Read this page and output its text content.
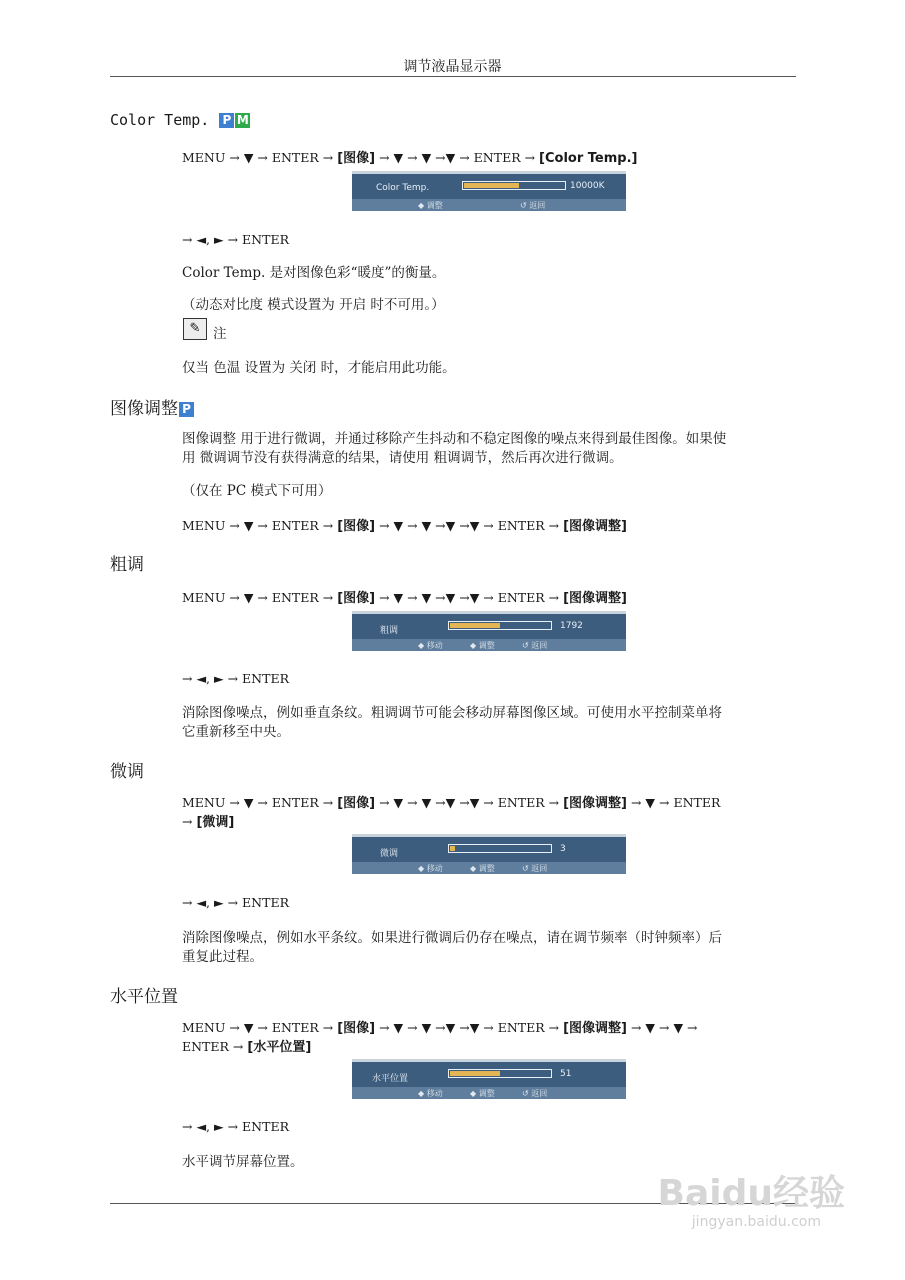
调节液晶显示器
Color Temp. P M
MENU → ▼ → ENTER → [图像] → ▼ → ▼ →▼ → ENTER → [Color Temp.]
Color Temp.	10000K
◆ 调整	↺ 返回
→ ◄, ► → ENTER
Color Temp. 是对图像色彩“暖度”的衡量。
（动态对比度 模式设置为 开启 时不可用。）
✎ 注
仅当 色温 设置为 关闭 时，才能启用此功能。
图像调整 P
图像调整 用于进行微调，并通过移除产生抖动和不稳定图像的噪点来得到最佳图像。如果使
用 微调调节没有获得满意的结果，请使用 粗调调节，然后再次进行微调。
（仅在 PC 模式下可用）
MENU → ▼ → ENTER → [图像] → ▼ → ▼ →▼ →▼ → ENTER → [图像调整]
粗调
MENU → ▼ → ENTER → [图像] → ▼ → ▼ →▼ →▼ → ENTER → [图像调整]
粗调	1792
◆ 移动	◆ 调整	↺ 返回
→ ◄, ► → ENTER
消除图像噪点，例如垂直条纹。粗调调节可能会移动屏幕图像区域。可使用水平控制菜单将
它重新移至中央。
微调
MENU → ▼ → ENTER → [图像] → ▼ → ▼ →▼ →▼ → ENTER → [图像调整] → ▼ → ENTER
→ [微调]
微调	3
◆ 移动	◆ 调整	↺ 返回
→ ◄, ► → ENTER
消除图像噪点，例如水平条纹。如果进行微调后仍存在噪点，请在调节频率（时钟频率）后
重复此过程。
水平位置
MENU → ▼ → ENTER → [图像] → ▼ → ▼ →▼ →▼ → ENTER → [图像调整] → ▼ → ▼ →
ENTER → [水平位置]
水平位置	51
◆ 移动	◆ 调整	↺ 返回
→ ◄, ► → ENTER
水平调节屏幕位置。
Baidu经验
jingyan.baidu.com
